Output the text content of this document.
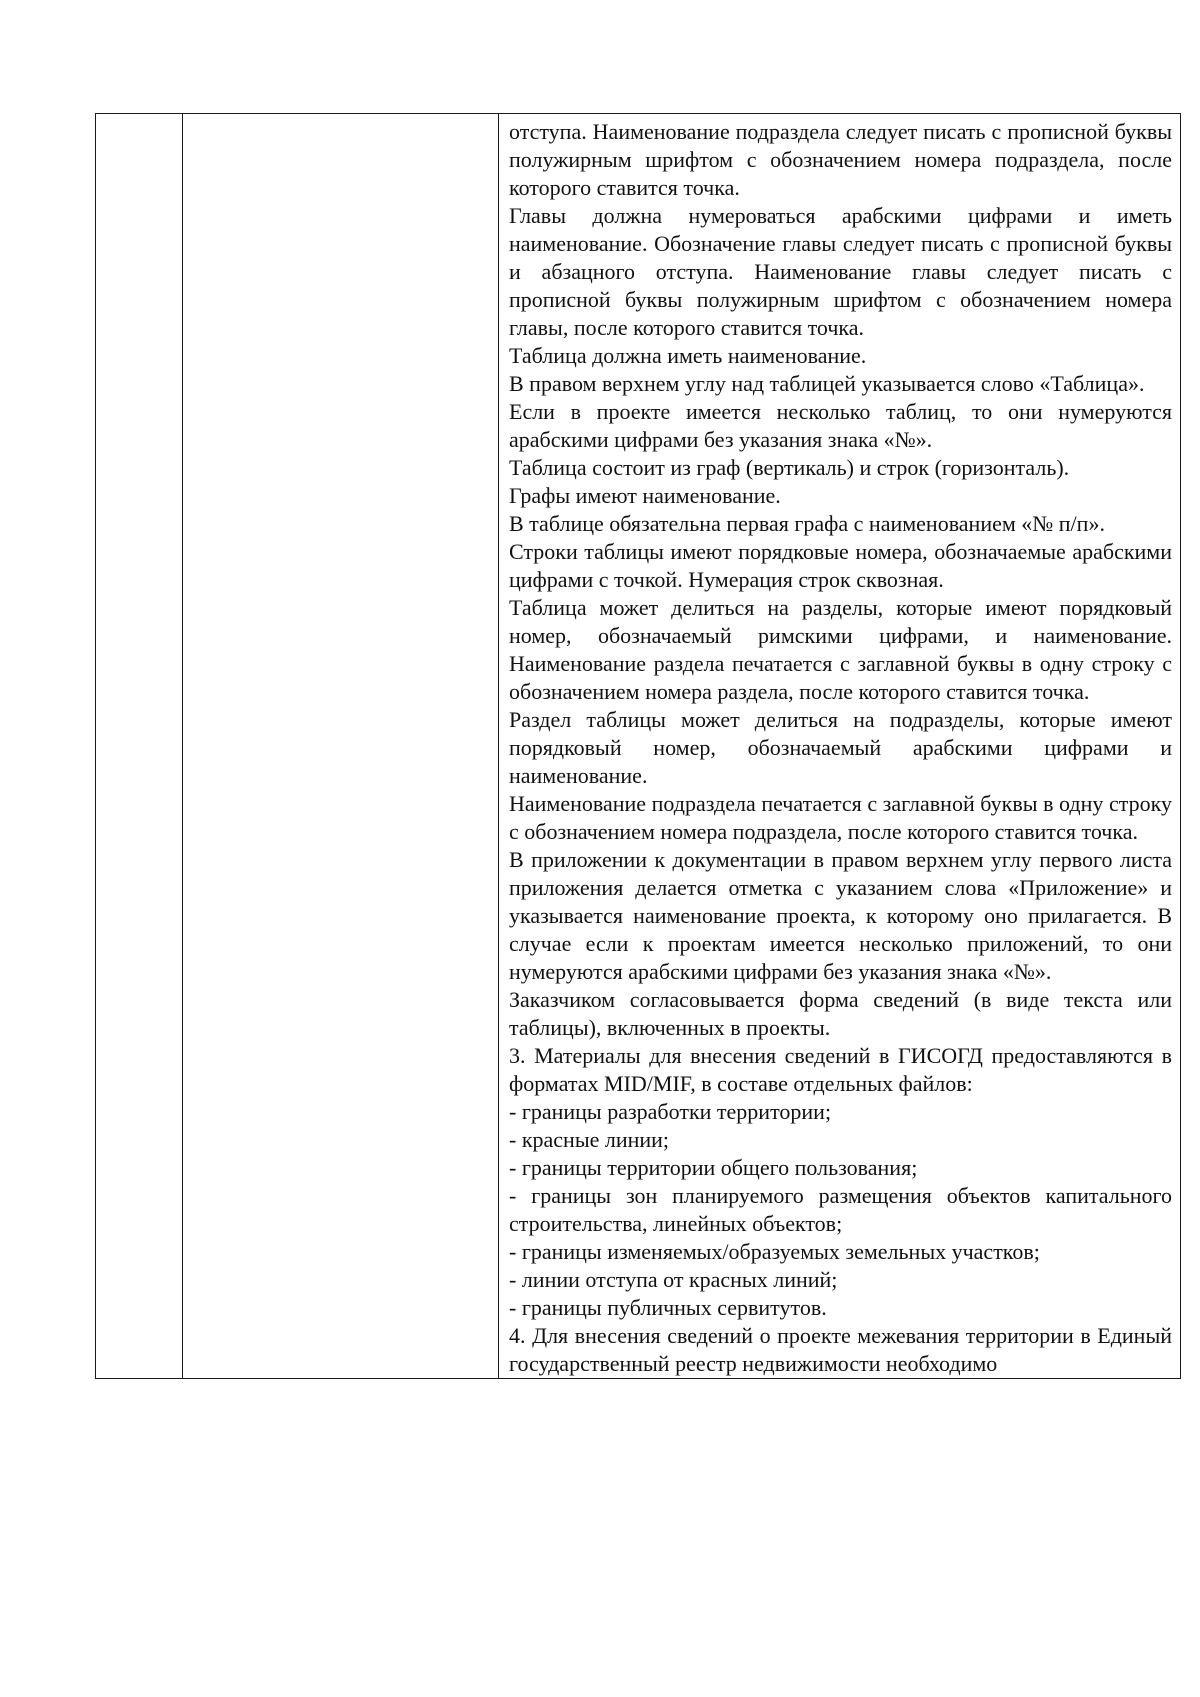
отступа. Наименование подраздела следует писать с прописной буквы полужирным шрифтом с обозначением номера подраздела, после которого ставится точка.

Главы должна нумероваться арабскими цифрами и иметь наименование. Обозначение главы следует писать с прописной буквы и абзацного отступа. Наименование главы следует писать с прописной буквы полужирным шрифтом с обозначением номера главы, после которого ставится точка.

Таблица должна иметь наименование.

В правом верхнем углу над таблицей указывается слово «Таблица».

Если в проекте имеется несколько таблиц, то они нумеруются арабскими цифрами без указания знака «№».

Таблица состоит из граф (вертикаль) и строк (горизонталь).

Графы имеют наименование.

В таблице обязательна первая графа с наименованием «№ п/п».

Строки таблицы имеют порядковые номера, обозначаемые арабскими цифрами с точкой. Нумерация строк сквозная.

Таблица может делиться на разделы, которые имеют порядковый номер, обозначаемый римскими цифрами, и наименование. Наименование раздела печатается с заглавной буквы в одну строку с обозначением номера раздела, после которого ставится точка.

Раздел таблицы может делиться на подразделы, которые имеют порядковый номер, обозначаемый арабскими цифрами и наименование.

Наименование подраздела печатается с заглавной буквы в одну строку с обозначением номера подраздела, после которого ставится точка.

В приложении к документации в правом верхнем углу первого листа приложения делается отметка с указанием слова «Приложение» и указывается наименование проекта, к которому оно прилагается. В случае если к проектам имеется несколько приложений, то они нумеруются арабскими цифрами без указания знака «№».

Заказчиком согласовывается форма сведений (в виде текста или таблицы), включенных в проекты.

3. Материалы для внесения сведений в ГИСОГД предоставляются в форматах MID/MIF, в составе отдельных файлов:

- границы разработки территории;

- красные линии;

- границы территории общего пользования;

- границы зон планируемого размещения объектов капитального строительства, линейных объектов;

- границы изменяемых/образуемых земельных участков;

- линии отступа от красных линий;

- границы публичных сервитутов.

4. Для внесения сведений о проекте межевания территории в Единый государственный реестр недвижимости необходимо
